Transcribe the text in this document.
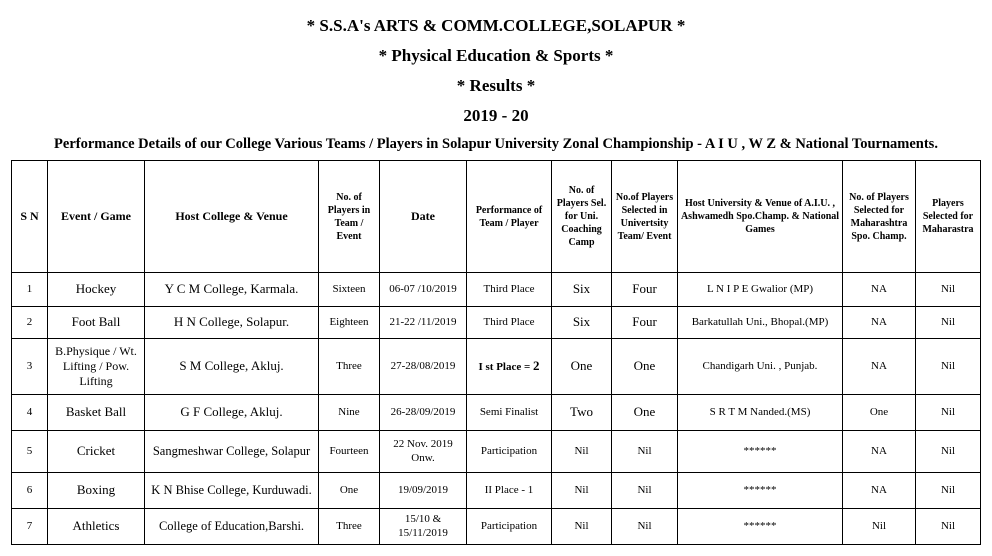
* S.S.A's ARTS & COMM.COLLEGE,SOLAPUR *
* Physical Education & Sports *
* Results *
2019 - 20
Performance Details of our College Various Teams / Players in Solapur University Zonal Championship - A I U , W Z & National Tournaments.
S N	Event / Game	Host College & Venue	No. of Players in Team / Event	Date	Performance of Team / Player	No. of Players Sel. for Uni. Coaching Camp	No.of Players Selected in Univertsity Team/ Event	Host University & Venue of A.I.U. , Ashwamedh Spo.Champ. & National Games	No. of Players Selected for Maharashtra Spo. Champ.	Players Selected for Maharastra
1	Hockey	Y C M College, Karmala.	Sixteen	06-07 /10/2019	Third Place	Six	Four	L N I P E Gwalior (MP)	NA	Nil
2	Foot Ball	H N College, Solapur.	Eighteen	21-22 /11/2019	Third Place	Six	Four	Barkatullah Uni., Bhopal.(MP)	NA	Nil
3	B.Physique / Wt. Lifting / Pow. Lifting	S M College, Akluj.	Three	27-28/08/2019	I st Place = 2	One	One	Chandigarh Uni. , Punjab.	NA	Nil
4	Basket Ball	G F College, Akluj.	Nine	26-28/09/2019	Semi Finalist	Two	One	S R T M Nanded.(MS)	One	Nil
5	Cricket	Sangmeshwar College, Solapur	Fourteen	22 Nov. 2019 Onw.	Participation	Nil	Nil	******	NA	Nil
6	Boxing	K N Bhise College, Kurduwadi.	One	19/09/2019	II Place - 1	Nil	Nil	******	NA	Nil
7	Athletics	College of Education,Barshi.	Three	15/10 & 15/11/2019	Participation	Nil	Nil	******	Nil	Nil
